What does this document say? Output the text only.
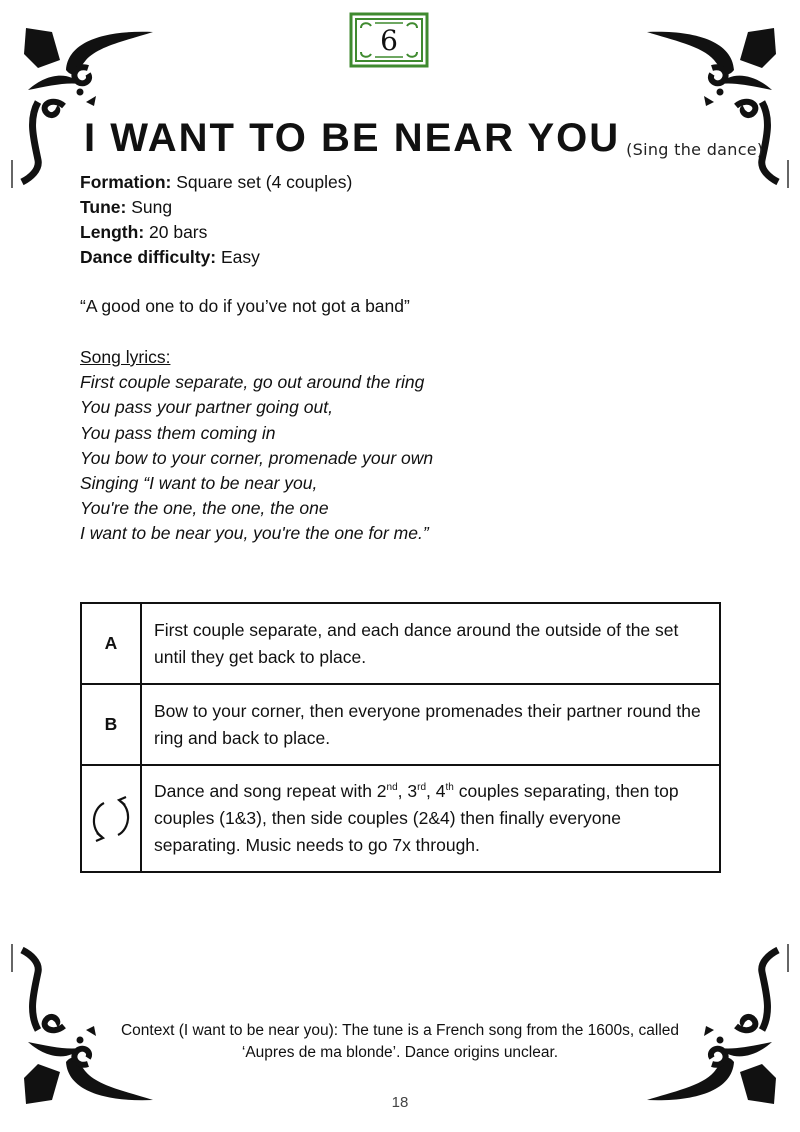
6
I WANT TO BE NEAR YOU (Sing the dance)
Formation: Square set (4 couples)
Tune: Sung
Length: 20 bars
Dance difficulty: Easy
“A good one to do if you’ve not got a band”
Song lyrics:
First couple separate, go out around the ring
You pass your partner going out,
You pass them coming in
You bow to your corner, promenade your own
Singing “I want to be near you,
You're the one, the one, the one
I want to be near you, you're the one for me.”
A	First couple separate, and each dance around the outside of the set until they get back to place.
B	Bow to your corner, then everyone promenades their partner round the ring and back to place.

	Dance and song repeat with 2nd, 3rd, 4th couples separating, then top couples (1&3), then side couples (2&4) then finally everyone separating. Music needs to go 7x through.
Context (I want to be near you): The tune is a French song from the 1600s, called ‘Aupres de ma blonde’. Dance origins unclear.
18
